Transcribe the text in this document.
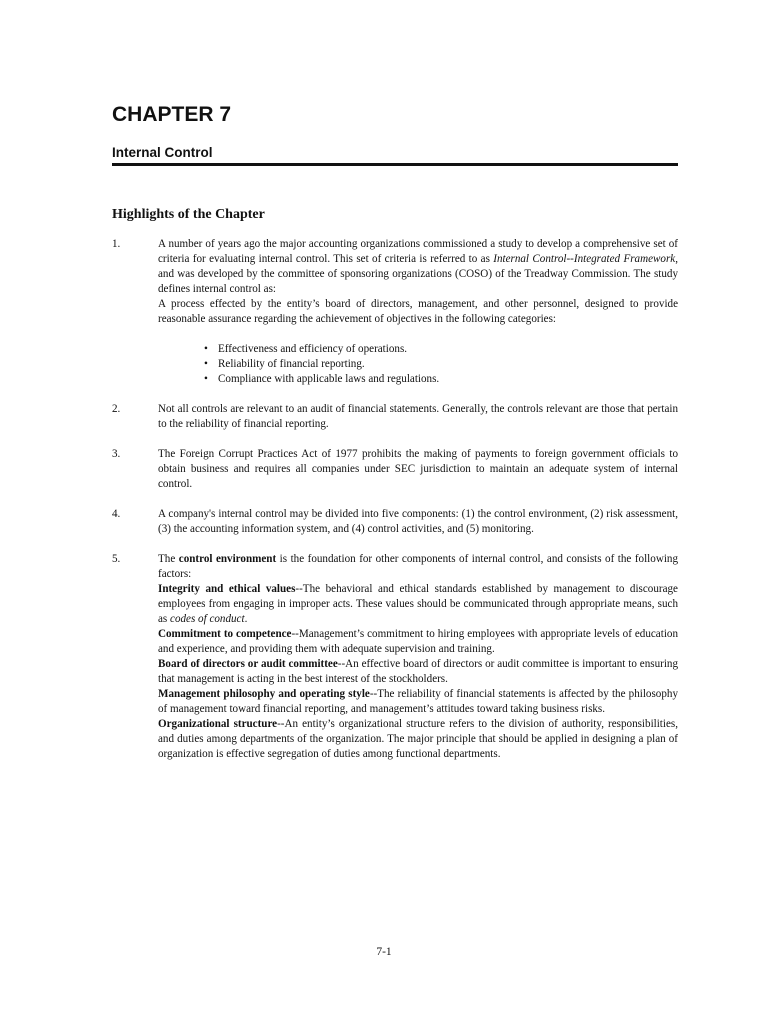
CHAPTER 7
Internal Control
Highlights of the Chapter
1.	A number of years ago the major accounting organizations commissioned a study to develop a comprehensive set of criteria for evaluating internal control. This set of criteria is referred to as Internal Control--Integrated Framework, and was developed by the committee of sponsoring organizations (COSO) of the Treadway Commission. The study defines internal control as:

A process effected by the entity’s board of directors, management, and other personnel, designed to provide reasonable assurance regarding the achievement of objectives in the following categories:

• Effectiveness and efficiency of operations.
• Reliability of financial reporting.
• Compliance with applicable laws and regulations.
2.	Not all controls are relevant to an audit of financial statements. Generally, the controls relevant are those that pertain to the reliability of financial reporting.

3.	The Foreign Corrupt Practices Act of 1977 prohibits the making of payments to foreign government officials to obtain business and requires all companies under SEC jurisdiction to maintain an adequate system of internal control.

4.	A company's internal control may be divided into five components: (1) the control environment, (2) risk assessment, (3) the accounting information system, and (4) control activities, and (5) monitoring.

5.	The control environment is the foundation for other components of internal control, and consists of the following factors:

Integrity and ethical values--The behavioral and ethical standards established by management to discourage employees from engaging in improper acts. These values should be communicated through appropriate means, such as codes of conduct.

Commitment to competence--Management’s commitment to hiring employees with appropriate levels of education and experience, and providing them with adequate supervision and training.

Board of directors or audit committee--An effective board of directors or audit committee is important to ensuring that management is acting in the best interest of the stockholders.

Management philosophy and operating style--The reliability of financial statements is affected by the philosophy of management toward financial reporting, and management’s attitudes toward taking business risks.

Organizational structure--An entity’s organizational structure refers to the division of authority, responsibilities, and duties among departments of the organization. The major principle that should be applied in designing a plan of organization is effective segregation of duties among functional departments.

7-1
